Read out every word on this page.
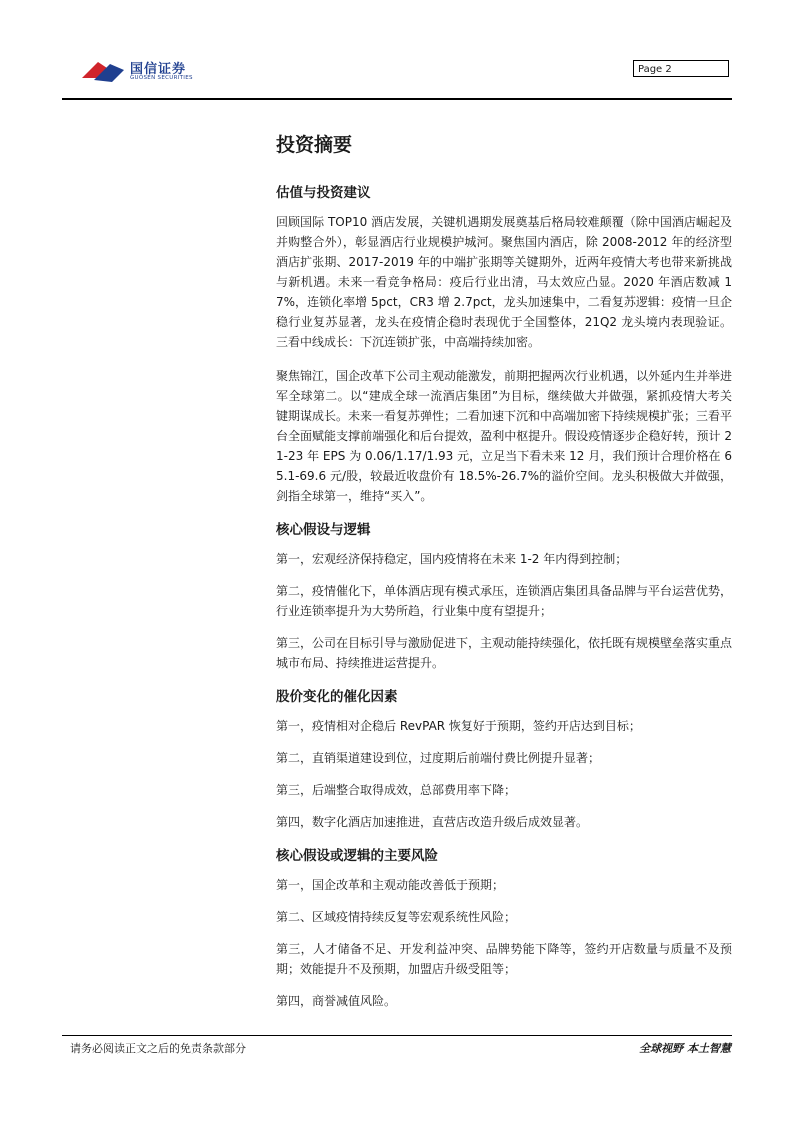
国信证券
GUOSEN SECURITIES
Page 2
投资摘要
估值与投资建议

回顾国际 TOP10 酒店发展，关键机遇期发展奠基后格局较难颠覆（除中国酒店崛起及并购整合外），彰显酒店行业规模护城河。聚焦国内酒店，除 2008-2012 年的经济型酒店扩张期、2017-2019 年的中端扩张期等关键期外，近两年疫情大考也带来新挑战与新机遇。未来一看竞争格局：疫后行业出清，马太效应凸显。2020 年酒店数减 17%，连锁化率增 5pct，CR3 增 2.7pct，龙头加速集中，二看复苏逻辑：疫情一旦企稳行业复苏显著，龙头在疫情企稳时表现优于全国整体，21Q2 龙头境内表现验证。三看中线成长：下沉连锁扩张，中高端持续加密。

聚焦锦江，国企改革下公司主观动能激发，前期把握两次行业机遇，以外延内生并举进军全球第二。以“建成全球一流酒店集团”为目标，继续做大并做强，紧抓疫情大考关键期谋成长。未来一看复苏弹性；二看加速下沉和中高端加密下持续规模扩张；三看平台全面赋能支撑前端强化和后台提效，盈利中枢提升。假设疫情逐步企稳好转，预计 21-23 年 EPS 为 0.06/1.17/1.93 元，立足当下看未来 12 月，我们预计合理价格在 65.1-69.6 元/股，较最近收盘价有 18.5%-26.7%的溢价空间。龙头积极做大并做强，剑指全球第一，维持“买入”。

核心假设与逻辑

第一，宏观经济保持稳定，国内疫情将在未来 1-2 年内得到控制；

第二，疫情催化下，单体酒店现有模式承压，连锁酒店集团具备品牌与平台运营优势，行业连锁率提升为大势所趋，行业集中度有望提升；

第三，公司在目标引导与激励促进下，主观动能持续强化，依托既有规模壁垒落实重点城市布局、持续推进运营提升。

股价变化的催化因素

第一，疫情相对企稳后 RevPAR 恢复好于预期，签约开店达到目标；

第二，直销渠道建设到位，过度期后前端付费比例提升显著；

第三，后端整合取得成效，总部费用率下降；

第四，数字化酒店加速推进，直营店改造升级后成效显著。

核心假设或逻辑的主要风险

第一，国企改革和主观动能改善低于预期；

第二、区域疫情持续反复等宏观系统性风险；

第三，人才储备不足、开发利益冲突、品牌势能下降等，签约开店数量与质量不及预期；效能提升不及预期，加盟店升级受阻等；

第四，商誉减值风险。

请务必阅读正文之后的免责条款部分	全球视野 本土智慧
